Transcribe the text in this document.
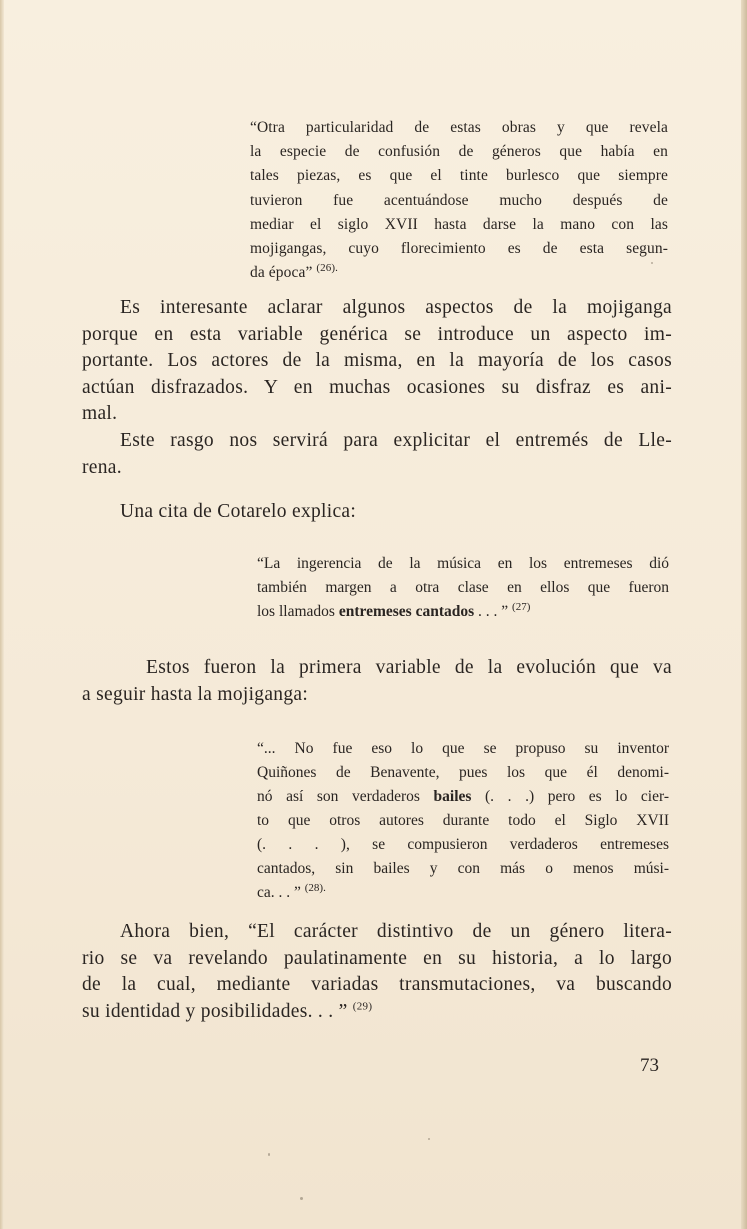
“Otra particularidad de estas obras y que revela
la especie de confusión de géneros que había en
tales piezas, es que el tinte burlesco que siempre
tuvieron fue acentuándose mucho después de
mediar el siglo XVII hasta darse la mano con las
mojigangas, cuyo florecimiento es de esta segun-
da época” $^{(26).}$
Es interesante aclarar algunos aspectos de la mojiganga
porque en esta variable genérica se introduce un aspecto im-
portante. Los actores de la misma, en la mayoría de los casos
actúan disfrazados. Y en muchas ocasiones su disfraz es ani-
mal.
Este rasgo nos servirá para explicitar el entremés de Lle-
rena.
Una cita de Cotarelo explica:
“La ingerencia de la música en los entremeses dió
también margen a otra clase en ellos que fueron
los llamados entremeses cantados . . . ” $^{(27)}$
Estos fueron la primera variable de la evolución que va
a seguir hasta la mojiganga:
“... No fue eso lo que se propuso su inventor
Quiñones de Benavente, pues los que él denomi-
nó así son verdaderos bailes (. . .) pero es lo cier-
to que otros autores durante todo el Siglo XVII
(. . . ), se compusieron verdaderos entremeses
cantados, sin bailes y con más o menos músi-
ca. . . ” $^{(28).}$
Ahora bien, “El carácter distintivo de un género litera-
rio se va revelando paulatinamente en su historia, a lo largo
de la cual, mediante variadas transmutaciones, va buscando
su identidad y posibilidades. . . ” $^{(29)}$
73
